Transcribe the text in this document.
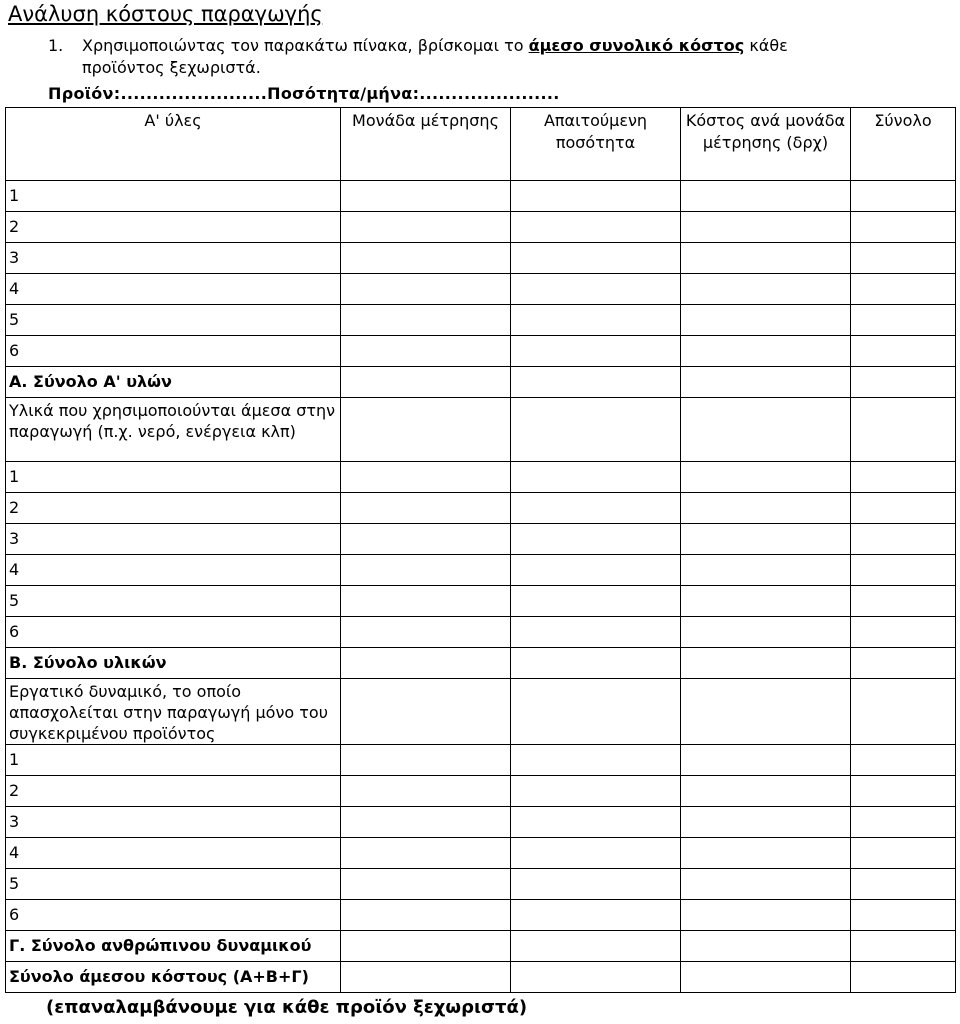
Ανάλυση κόστους παραγωγής
1. Χρησιμοποιώντας τον παρακάτω πίνακα, βρίσκομαι το άμεσο συνολικό κόστος κάθε
προϊόντος ξεχωριστά.
Προϊόν:.......................Ποσότητα/μήνα:......................
Α' ύλες	Μονάδα μέτρησης	Απαιτούμενη ποσότητα	Κόστος ανά μονάδα μέτρησης (δρχ)	Σύνολο
1				
2				
3				
4				
5				
6				
Α. Σύνολο Α' υλών				
Υλικά που χρησιμοποιούνται άμεσα στην παραγωγή (π.χ. νερό, ενέργεια κλπ)				
1				
2				
3				
4				
5				
6				
Β. Σύνολο υλικών				
Εργατικό δυναμικό, το οποίο απασχολείται στην παραγωγή μόνο του συγκεκριμένου προϊόντος				
1				
2				
3				
4				
5				
6				
Γ. Σύνολο ανθρώπινου δυναμικού				
Σύνολο άμεσου κόστους (Α+Β+Γ)				
(επαναλαμβάνουμε για κάθε προϊόν ξεχωριστά)
